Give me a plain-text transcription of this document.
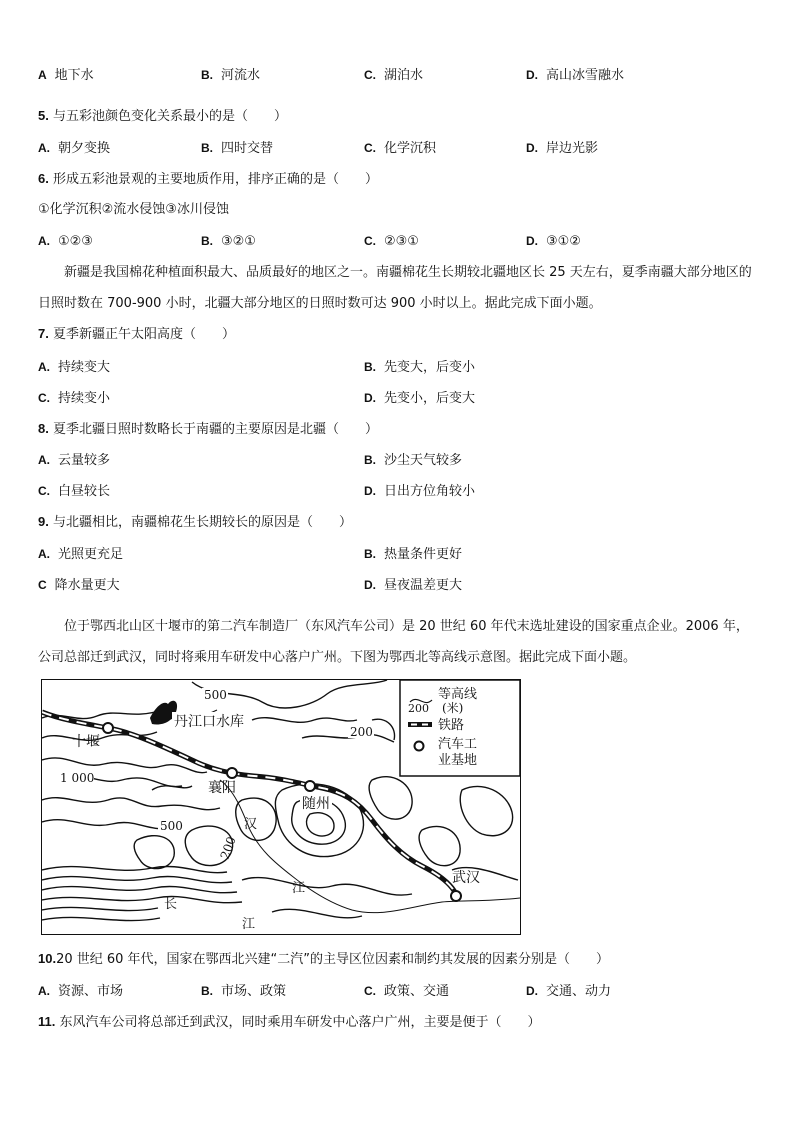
A 地下水	B. 河流水	C. 湖泊水	D. 高山冰雪融水
5. 与五彩池颜色变化关系最小的是（　　）
A. 朝夕变换	B. 四时交替	C. 化学沉积	D. 岸边光影
6. 形成五彩池景观的主要地质作用，排序正确的是（　　）
①化学沉积②流水侵蚀③冰川侵蚀
A. ①②③	B. ③②①	C. ②③①	D. ③①②
新疆是我国棉花种植面积最大、品质最好的地区之一。南疆棉花生长期较北疆地区长 25 天左右，夏季南疆大部分地区的日照时数在 700-900 小时，北疆大部分地区的日照时数可达 900 小时以上。据此完成下面小题。
7. 夏季新疆正午太阳高度（　　）
A. 持续变大	B. 先变大，后变小
C. 持续变小	D. 先变小，后变大
8. 夏季北疆日照时数略长于南疆的主要原因是北疆（　　）
A. 云量较多	B. 沙尘天气较多
C. 白昼较长	D. 日出方位角较小
9. 与北疆相比，南疆棉花生长期较长的原因是（　　）
A. 光照更充足	B. 热量条件更好
C 降水量更大	D. 昼夜温差更大
位于鄂西北山区十堰市的第二汽车制造厂（东风汽车公司）是 20 世纪 60 年代末选址建设的国家重点企业。2006 年，公司总部迁到武汉，同时将乘用车研发中心落户广州。下图为鄂西北等高线示意图。据此完成下面小题。
200
等高线
(米)
铁路
汽车工
业基地
丹江口水库
十堰
襄阳
随州
武汉
汉
江
长
江
500
200
1 000
500
200
10.20 世纪 60 年代，国家在鄂西北兴建“二汽”的主导区位因素和制约其发展的因素分别是（　　）
A. 资源、市场	B. 市场、政策	C. 政策、交通	D. 交通、动力
11. 东风汽车公司将总部迁到武汉，同时乘用车研发中心落户广州，主要是便于（　　）
